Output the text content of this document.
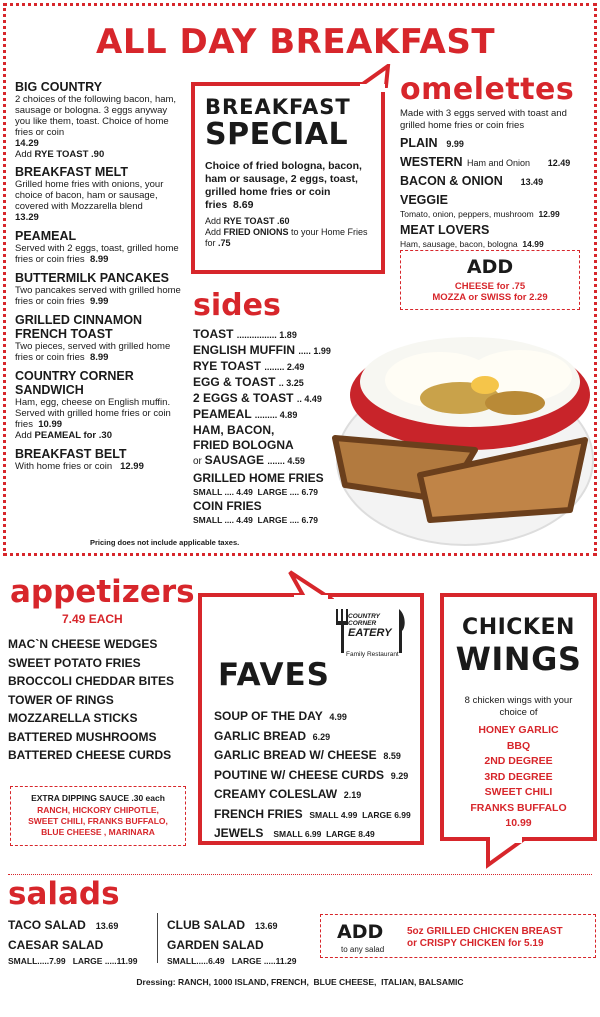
ALL DAY BREAKFAST
BIG COUNTRY
2 choices of the following bacon, ham, sausage or bologna. 3 eggs anyway you like them, toast. Choice of home fries or coin
14.29
Add RYE TOAST .90
BREAKFAST MELT
Grilled home fries with onions, your choice of bacon, ham or sausage, covered with Mozzarella blend
13.29
PEAMEAL
Served with 2 eggs, toast, grilled home fries or coin fries 8.99
BUTTERMILK PANCAKES
Two pancakes served with grilled home fries or coin fries 9.99
GRILLED CINNAMON FRENCH TOAST
Two pieces, served with grilled home fries or coin fries 8.99
COUNTRY CORNER SANDWICH
Ham, egg, cheese on English muffin. Served with grilled home fries or coin fries 10.99
Add PEAMEAL for .30
BREAKFAST BELT
With home fries or coin 12.99
Pricing does not include applicable taxes.
BREAKFAST
SPECIAL
Choice of fried bologna, bacon, ham or sausage, 2 eggs, toast, grilled home fries or coin fries 8.69
Add RYE TOAST .60
Add FRIED ONIONS to your Home Fries for .75
omelettes
Made with 3 eggs served with toast and grilled home fries or coin fries
PLAIN 9.99
WESTERN Ham and Onion 12.49
BACON & ONION 13.49
VEGGIE
Tomato, onion, peppers, mushroom 12.99
MEAT LOVERS
Ham, sausage, bacon, bologna 14.99
ADD
CHEESE for .75
MOZZA or SWISS for 2.29
sides
TOAST ................ 1.89
ENGLISH MUFFIN ..... 1.99
RYE TOAST ........ 2.49
EGG & TOAST .. 3.25
2 EGGS & TOAST .. 4.49
PEAMEAL ......... 4.89
HAM, BACON,
FRIED BOLOGNA
or SAUSAGE ....... 4.59
GRILLED HOME FRIES
SMALL .... 4.49  LARGE .... 6.79
COIN FRIES
SMALL .... 4.49  LARGE .... 6.79
appetizers
7.49 EACH
MAC`N CHEESE WEDGES
SWEET POTATO FRIES
BROCCOLI CHEDDAR BITES
TOWER OF RINGS
MOZZARELLA STICKS
BATTERED MUSHROOMS
BATTERED CHEESE CURDS
EXTRA DIPPING SAUCE .30 each
RANCH, HICKORY CHIPOTLE,
SWEET CHILI, FRANKS BUFFALO,
BLUE CHEESE , MARINARA
COUNTRY
CORNER
EATERY
Family Restaurant
FAVES
SOUP OF THE DAY 4.99
GARLIC BREAD 6.29
GARLIC BREAD W/ CHEESE 8.59
POUTINE W/ CHEESE CURDS 9.29
CREAMY COLESLAW 2.19
FRENCH FRIES SMALL 4.99  LARGE 6.99
JEWELS SMALL 6.99  LARGE 8.49
CHICKEN
WINGS
8 chicken wings with your choice of
HONEY GARLIC
BBQ
2ND DEGREE
3RD DEGREE
SWEET CHILI
FRANKS BUFFALO
10.99
salads
TACO SALAD 13.69
CAESAR SALAD
SMALL.....7.99   LARGE .....11.99
CLUB SALAD 13.69
GARDEN SALAD
SMALL.....6.49   LARGE .....11.29
ADD
to any salad
5oz GRILLED CHICKEN BREAST
or CRISPY CHICKEN for 5.19
Dressing: RANCH, 1000 ISLAND, FRENCH,  BLUE CHEESE,  ITALIAN, BALSAMIC
